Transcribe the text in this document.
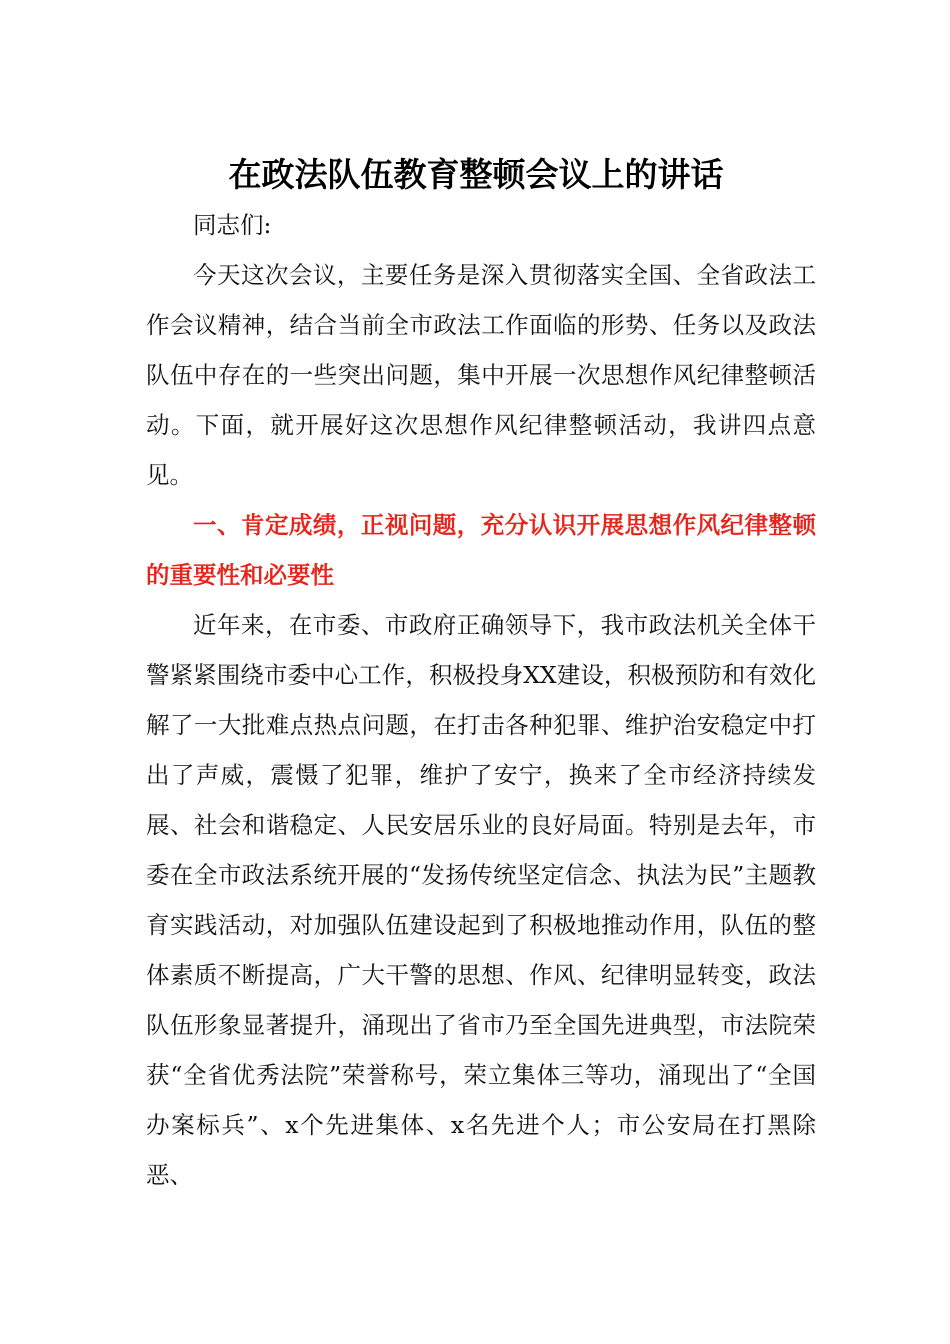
在政法队伍教育整顿会议上的讲话

同志们:

今天这次会议，主要任务是深入贯彻落实全国、全省政法工作会议精神，结合当前全市政法工作面临的形势、任务以及政法队伍中存在的一些突出问题，集中开展一次思想作风纪律整顿活动。下面，就开展好这次思想作风纪律整顿活动，我讲四点意见。

一、肯定成绩，正视问题，充分认识开展思想作风纪律整顿的重要性和必要性

近年来，在市委、市政府正确领导下，我市政法机关全体干警紧紧围绕市委中心工作，积极投身XX建设，积极预防和有效化解了一大批难点热点问题，在打击各种犯罪、维护治安稳定中打出了声威，震慑了犯罪，维护了安宁，换来了全市经济持续发展、社会和谐稳定、人民安居乐业的良好局面。特别是去年，市委在全市政法系统开展的“发扬传统坚定信念、执法为民”主题教育实践活动，对加强队伍建设起到了积极地推动作用，队伍的整体素质不断提高，广大干警的思想、作风、纪律明显转变，政法队伍形象显著提升，涌现出了省市乃至全国先进典型，市法院荣获“全省优秀法院”荣誉称号，荣立集体三等功，涌现出了“全国办案标兵”、x个先进集体、x名先进个人；市公安局在打黑除恶、
